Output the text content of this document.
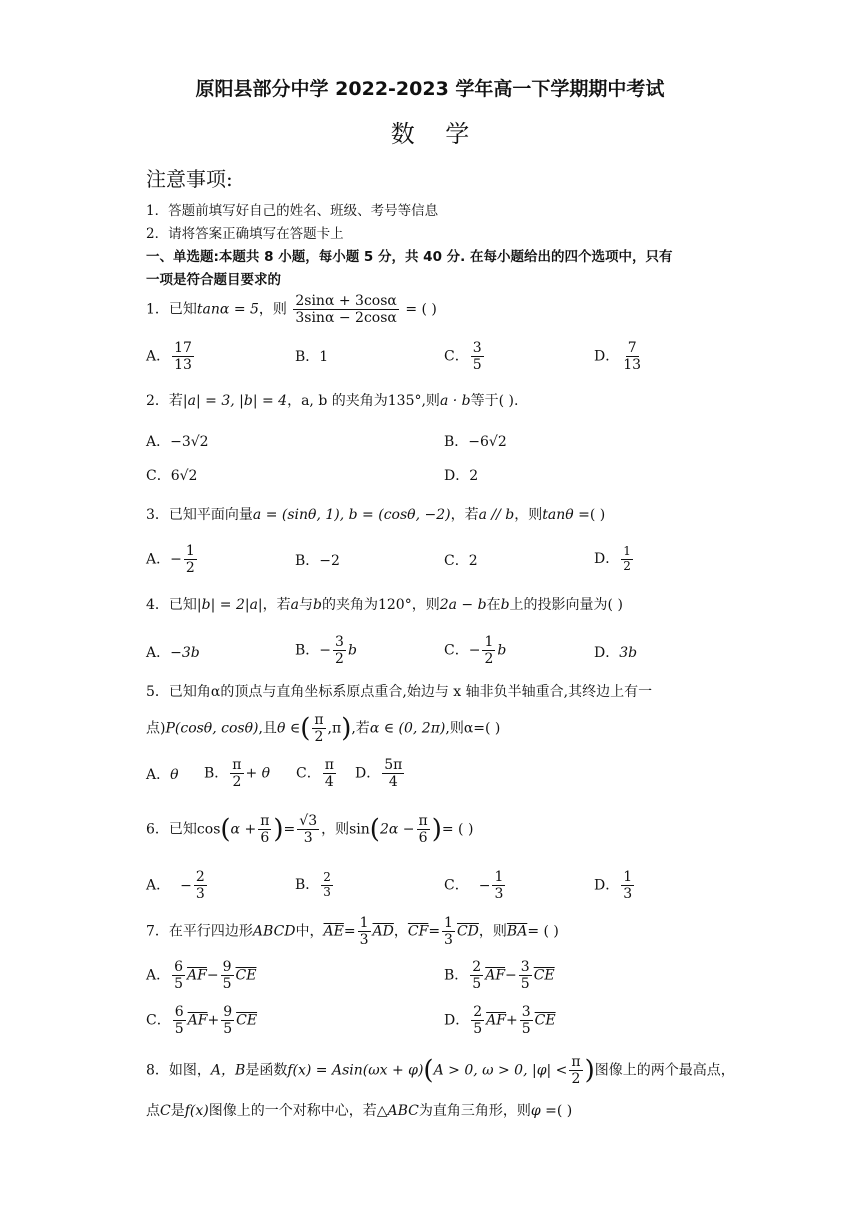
原阳县部分中学 2022-2023 学年高一下学期期中考试
数    学
注意事项:
1．答题前填写好自己的姓名、班级、考号等信息
2．请将答案正确填写在答题卡上
一、单选题:本题共 8 小题，每小题 5 分，共 40 分. 在每小题给出的四个选项中，只有
一项是符合题目要求的
1．已知tanα = 5，则 $\frac{2\sin\alpha + 3\cos\alpha}{3\sin\alpha - 2\cos\alpha}$ = ( )
A． $\frac{17}{13}$	B．1	C． $\frac{3}{5}$	D． $\frac{7}{13}$
2．若|a| = 3, |b| = 4，a, b 的夹角为135°,则a · b等于( ).
A．−3√2	B．−6√2
C．6√2	D．2
3．已知平面向量a = (sinθ, 1), b = (cosθ, −2)，若a // b，则tanθ =( )
A．− $\frac{1}{2}$	B．−2	C．2	D． $\frac{1}{2}$
4．已知|b| = 2|a|，若a与b的夹角为120°，则2a − b在b上的投影向量为( )
A．−3b	B．− $\frac{3}{2}$ b	C．− $\frac{1}{2}$ b	D．3b
5．已知角α的顶点与直角坐标系原点重合,始边与 x 轴非负半轴重合,其终边上有一
点)P(cosθ, cosθ),且θ ∈( $\frac{\pi}{2} ,\pi$),若α ∈ (0, 2π),则α=( )
A．θ B． $\frac{\pi}{2} + \theta$ C． $\frac{\pi}{4}$ D． $\frac{5\pi}{4}$
6．已知$\cos(\alpha + \frac{\pi}{6}$ )= $\frac{√3}{3}$ ，则$\sin(2\alpha - \frac{\pi}{6}$ )= ( )
A． − $\frac{2}{3}$	B． $\frac{2}{3}$	C． − $\frac{1}{3}$	D． $\frac{1}{3}$
7．在平行四边形ABCD中，$\overline{AE}= \frac{1}{3} \overline{AD}$，$\overline{CF}= \frac{1}{3} \overline{CD}$，则$\overline{BA}=$ ( )
A． $\frac{6}{5} \overline{AF}- \frac{9}{5} \overline{CE}$	B． $\frac{2}{5} \overline{AF}- \frac{3}{5} \overline{CE}$
C． $\frac{6}{5} \overline{AF}+ \frac{9}{5} \overline{CE}$	D． $\frac{2}{5} \overline{AF}+ \frac{3}{5} \overline{CE}$
8．如图，A，B是函数f(x) = Asin(ωx + φ)(A > 0, ω > 0, $|\varphi| < \frac{\pi}{2}$ )图像上的两个最高点，
点C是f(x)图像上的一个对称中心，若△ABC为直角三角形，则φ =( )
